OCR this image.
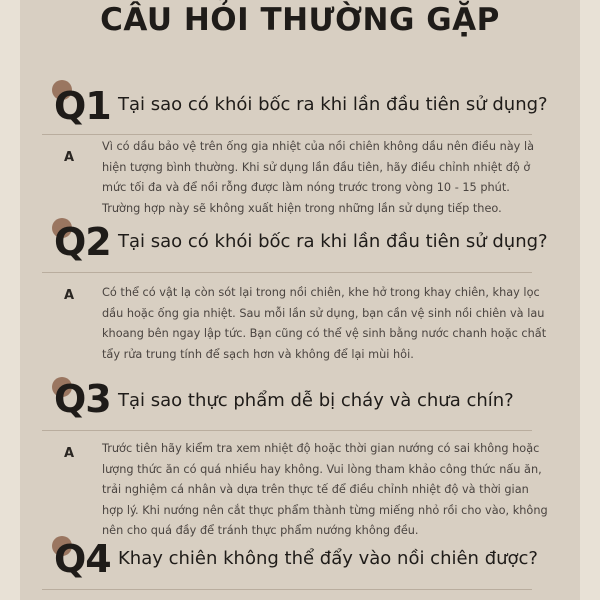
CÂU HỎI THƯỜNG GẶP
Q1 Tại sao có khói bốc ra khi lần đầu tiên sử dụng?
A
Vì có dầu bảo vệ trên ống gia nhiệt của nồi chiên không dầu nên điều này là hiện tượng bình thường. Khi sử dụng lần đầu tiên, hãy điều chỉnh nhiệt độ ở mức tối đa và để nồi rỗng được làm nóng trước trong vòng 10 - 15 phút. Trường hợp này sẽ không xuất hiện trong những lần sử dụng tiếp theo.
Q2 Tại sao có khói bốc ra khi lần đầu tiên sử dụng?
A Có thể có vật lạ còn sót lại trong nồi chiên, khe hở trong khay chiên, khay lọc dầu hoặc ống gia nhiệt. Sau mỗi lần sử dụng, bạn cần vệ sinh nồi chiên và lau khoang bên ngay lập tức. Bạn cũng có thể vệ sinh bằng nước chanh hoặc chất tẩy rửa trung tính để sạch hơn và không để lại mùi hôi.
Q3 Tại sao thực phẩm dễ bị cháy và chưa chín?
A Trước tiên hãy kiểm tra xem nhiệt độ hoặc thời gian nướng có sai không hoặc lượng thức ăn có quá nhiều hay không. Vui lòng tham khảo công thức nấu ăn, trải nghiệm cá nhân và dựa trên thực tế để điều chỉnh nhiệt độ và thời gian hợp lý. Khi nướng nên cắt thực phẩm thành từng miếng nhỏ rồi cho vào, không nên cho quá đầy để tránh thực phẩm nướng không đều.
Q4 Khay chiên không thể đẩy vào nồi chiên được?
